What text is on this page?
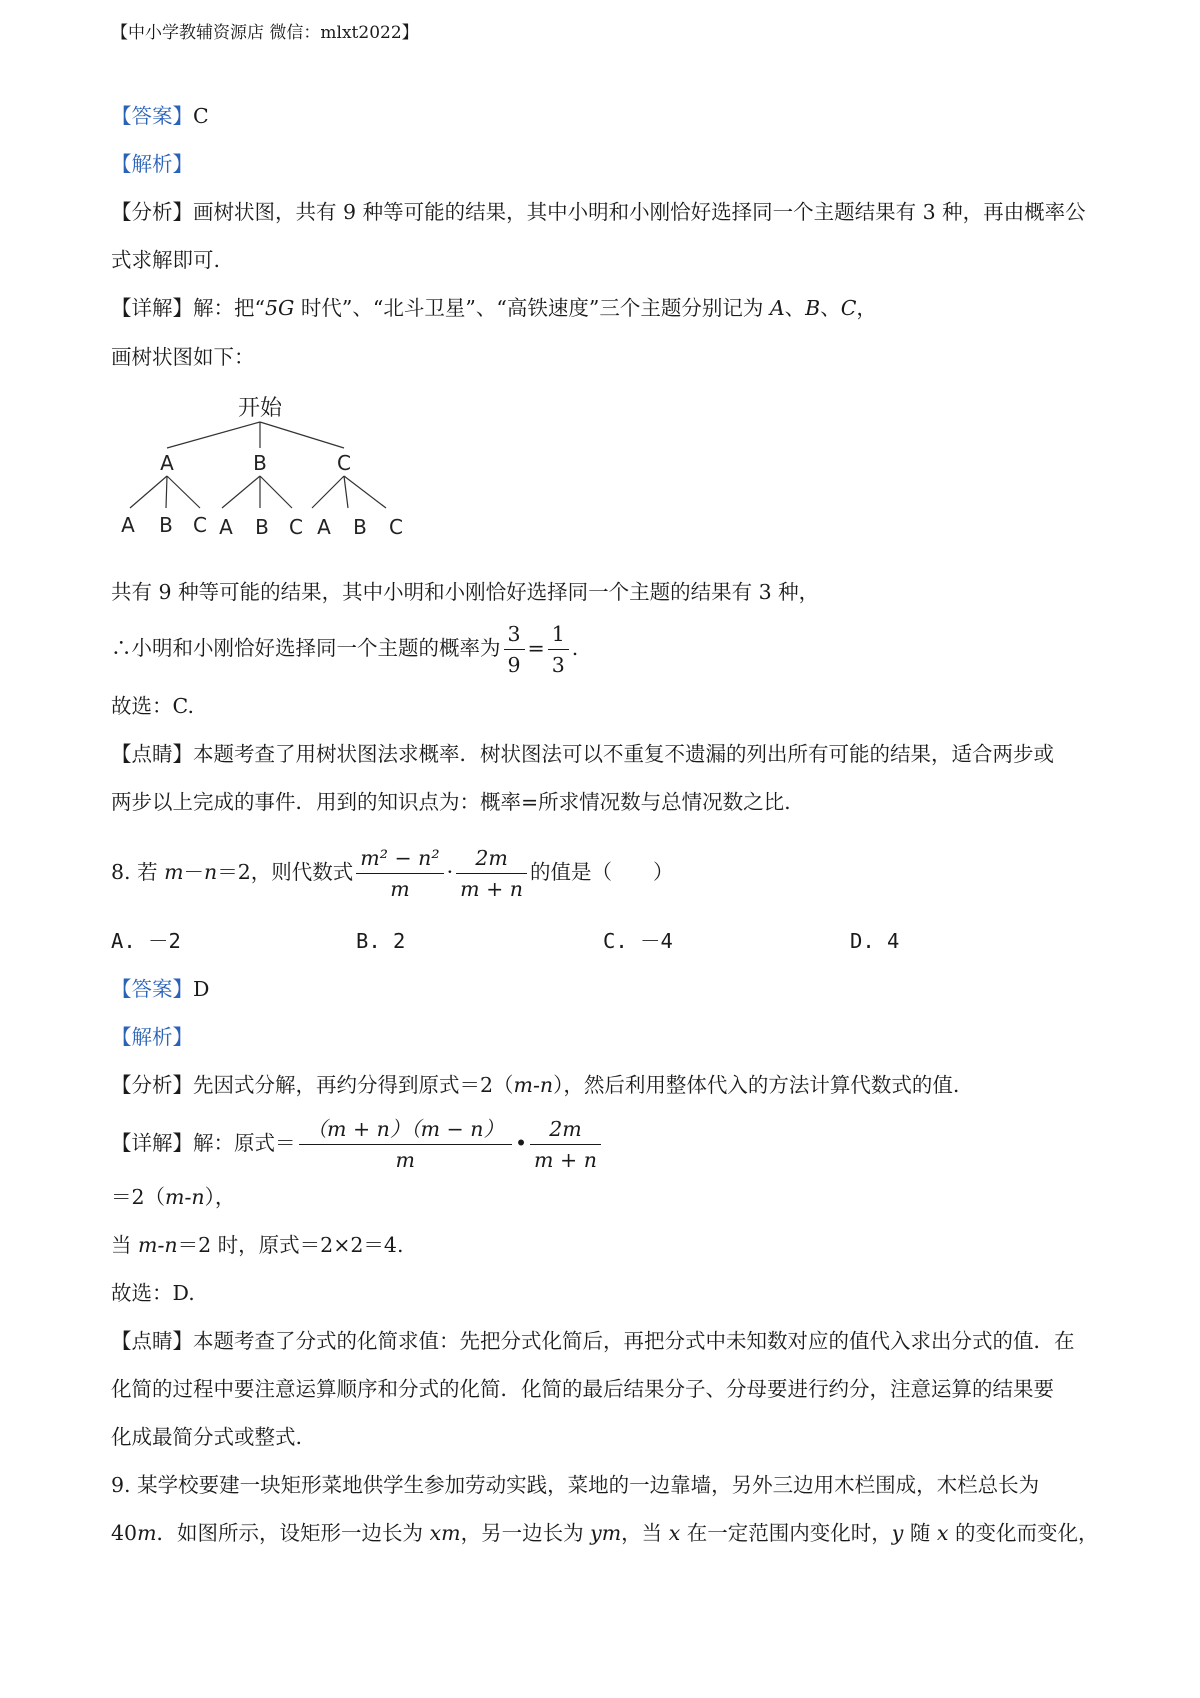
【中小学教辅资源店 微信：mlxt2022】
【答案】C
【解析】
【分析】画树状图，共有 9 种等可能的结果，其中小明和小刚恰好选择同一个主题结果有 3 种，再由概率公
式求解即可.
【详解】解：把“5G 时代”、“北斗卫星”、“高铁速度”三个主题分别记为 A、B、C，
画树状图如下：
开始
A	B	C
A B C A B C A B C
共有 9 种等可能的结果，其中小明和小刚恰好选择同一个主题的结果有 3 种，
∴小明和小刚恰好选择同一个主题的概率为 $\frac{3}{9} = \frac{1}{3}$ .
故选：C.
【点睛】本题考查了用树状图法求概率．树状图法可以不重复不遗漏的列出所有可能的结果，适合两步或
两步以上完成的事件．用到的知识点为：概率=所求情况数与总情况数之比.
8. 若 m－n＝2，则代数式 $\frac{\text{m² − n²}}{m} \cdot \frac{2m}{m + n}$ 的值是（　　）
A. －2	B. 2	C. －4	D. 4
【答案】D
【解析】
【分析】先因式分解，再约分得到原式＝2（m-n），然后利用整体代入的方法计算代数式的值.
【详解】解：原式＝ $\frac{(m + n)(m - n)}{m}$ • $\frac{2m}{m + n}$
＝2（m-n），
当 m-n＝2 时，原式＝2×2＝4.
故选：D.
【点睛】本题考查了分式的化简求值：先把分式化简后，再把分式中未知数对应的值代入求出分式的值．在
化简的过程中要注意运算顺序和分式的化简．化简的最后结果分子、分母要进行约分，注意运算的结果要
化成最简分式或整式.
9. 某学校要建一块矩形菜地供学生参加劳动实践，菜地的一边靠墙，另外三边用木栏围成，木栏总长为
40m．如图所示，设矩形一边长为 xm，另一边长为 ym，当 x 在一定范围内变化时，y 随 x 的变化而变化，
